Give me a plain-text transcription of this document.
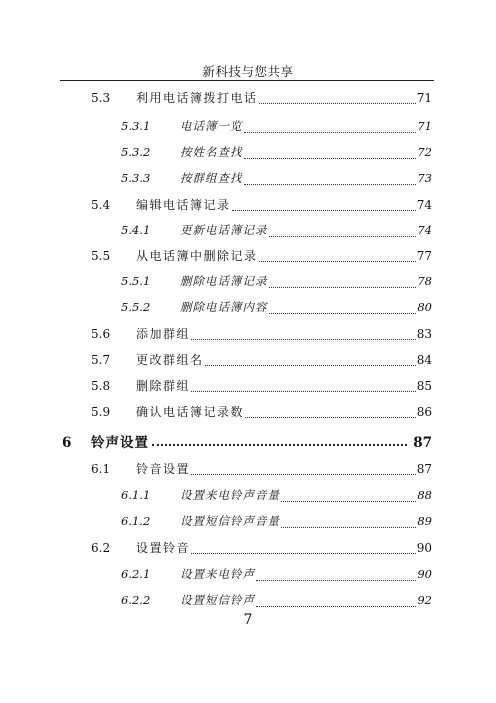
新科技与您共享
5.3	利用电话簿拨打电话	71
5.3.1	电话簿一览	71
5.3.2	按姓名查找	72
5.3.3	按群组查找	73
5.4	编辑电话簿记录	74
5.4.1	更新电话簿记录	74
5.5	从电话簿中删除记录	77
5.5.1	删除电话簿记录	78
5.5.2	删除电话簿内容	80
5.6	添加群组	83
5.7	更改群组名	84
5.8	删除群组	85
5.9	确认电话簿记录数	86
6	铃声设置	87
6.1	铃音设置	87
6.1.1	设置来电铃声音量	88
6.1.2	设置短信铃声音量	89
6.2	设置铃音	90
6.2.1	设置来电铃声	90
6.2.2	设置短信铃声	92
7
